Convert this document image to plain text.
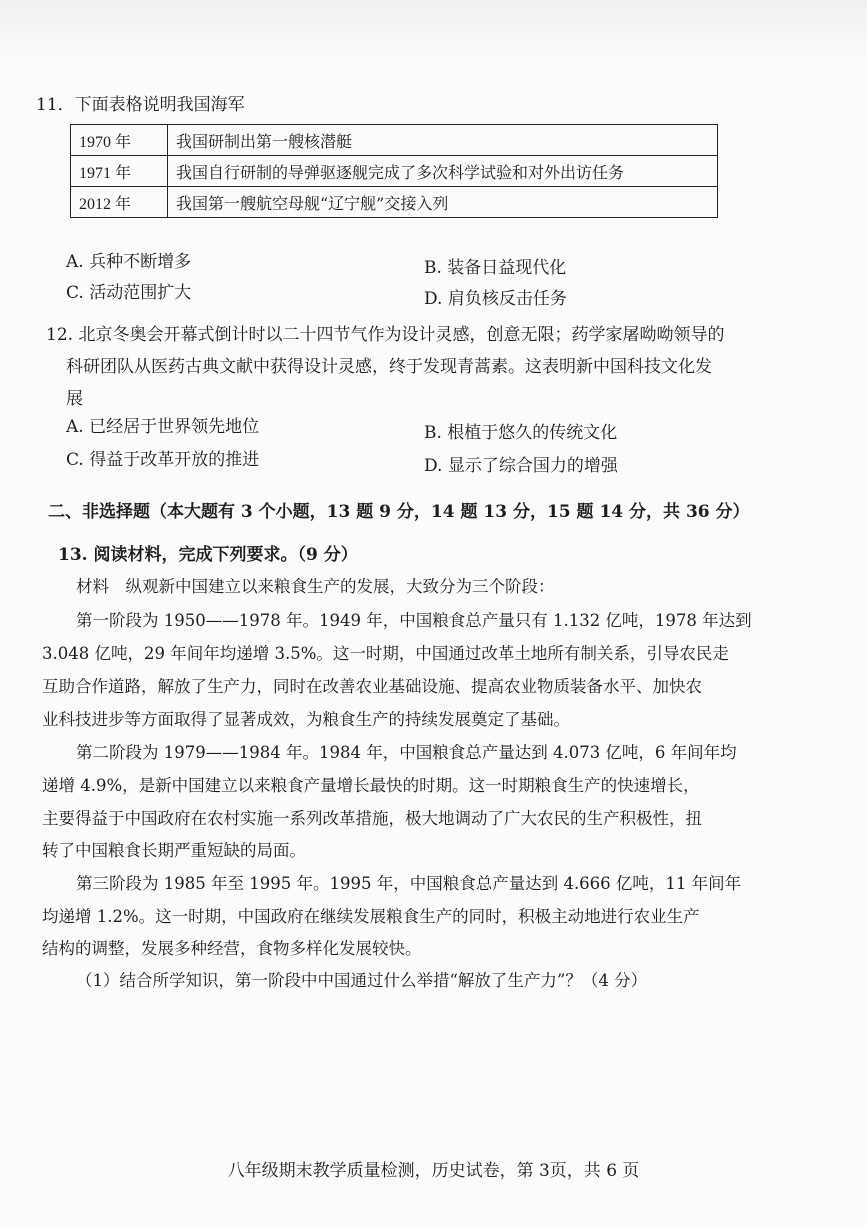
11．下面表格说明我国海军
1970 年	我国研制出第一艘核潜艇
1971 年	我国自行研制的导弹驱逐舰完成了多次科学试验和对外出访任务
2012 年	我国第一艘航空母舰“辽宁舰”交接入列
A. 兵种不断增多	B. 装备日益现代化
C. 活动范围扩大	D. 肩负核反击任务
12. 北京冬奥会开幕式倒计时以二十四节气作为设计灵感，创意无限；药学家屠呦呦领导的
科研团队从医药古典文献中获得设计灵感，终于发现青蒿素。这表明新中国科技文化发
展
A. 已经居于世界领先地位	B. 根植于悠久的传统文化
C. 得益于改革开放的推进	D. 显示了综合国力的增强
二、非选择题（本大题有 3 个小题，13 题 9 分，14 题 13 分，15 题 14 分，共 36 分）
13. 阅读材料，完成下列要求。（9 分）
材料　纵观新中国建立以来粮食生产的发展，大致分为三个阶段：
第一阶段为 1950——1978 年。1949 年，中国粮食总产量只有 1.132 亿吨，1978 年达到
3.048 亿吨，29 年间年均递增 3.5%。这一时期，中国通过改革土地所有制关系，引导农民走
互助合作道路，解放了生产力，同时在改善农业基础设施、提高农业物质装备水平、加快农
业科技进步等方面取得了显著成效，为粮食生产的持续发展奠定了基础。
第二阶段为 1979——1984 年。1984 年，中国粮食总产量达到 4.073 亿吨，6 年间年均
递增 4.9%，是新中国建立以来粮食产量增长最快的时期。这一时期粮食生产的快速增长，
主要得益于中国政府在农村实施一系列改革措施，极大地调动了广大农民的生产积极性，扭
转了中国粮食长期严重短缺的局面。
第三阶段为 1985 年至 1995 年。1995 年，中国粮食总产量达到 4.666 亿吨，11 年间年
均递增 1.2%。这一时期，中国政府在继续发展粮食生产的同时，积极主动地进行农业生产
结构的调整，发展多种经营，食物多样化发展较快。
（1）结合所学知识，第一阶段中中国通过什么举措“解放了生产力”？（4 分）
八年级期末教学质量检测，历史试卷，第 3页，共 6 页
